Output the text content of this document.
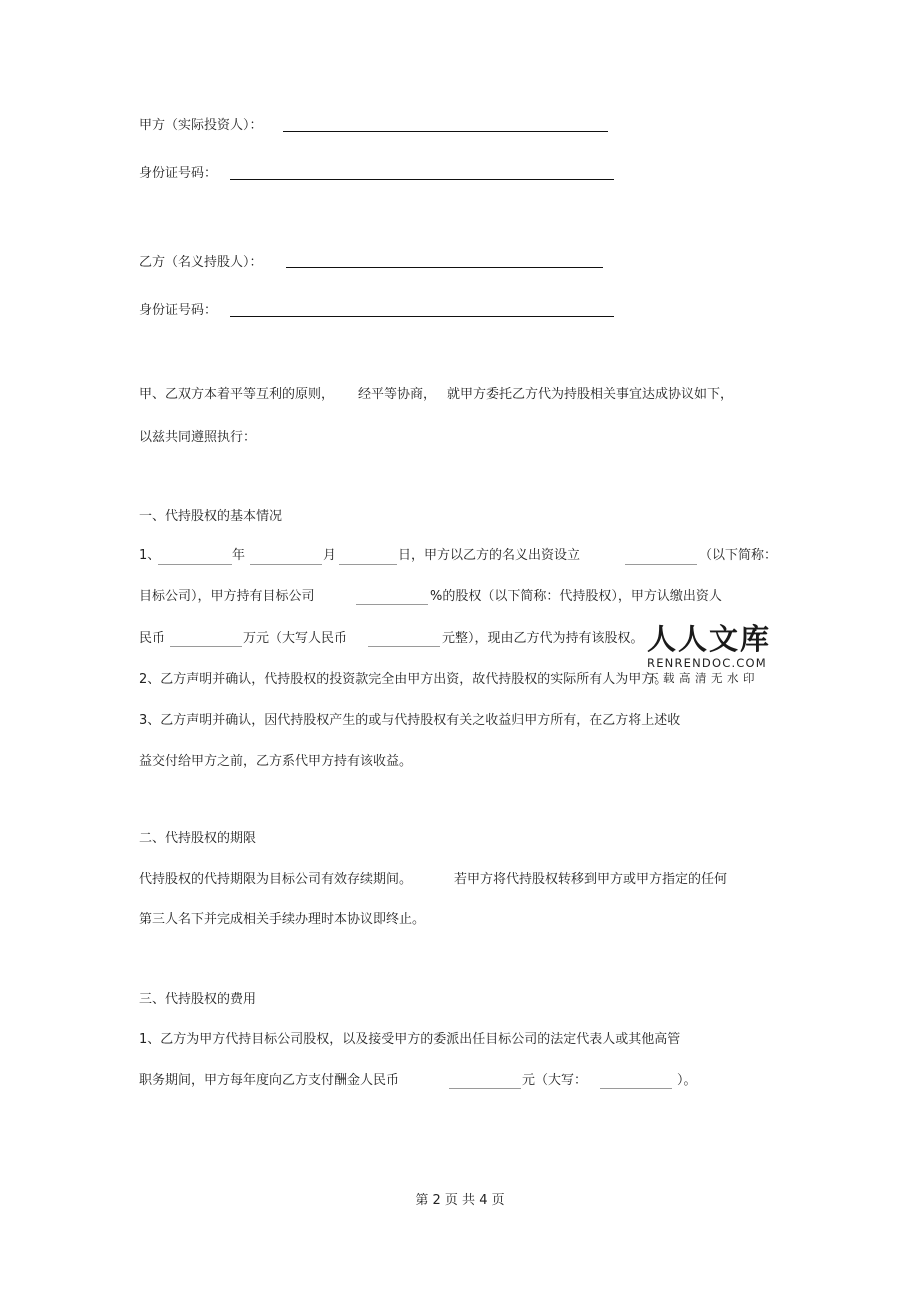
甲方（实际投资人）：
身份证号码：
乙方（名义持股人）：
身份证号码：
甲、乙双方本着平等互利的原则， 经平等协商， 就甲方委托乙方代为持股相关事宜达成协议如下，
以兹共同遵照执行：
一、代持股权的基本情况
1、	年	月	日，甲方以乙方的名义出资设立	（以下简称：
目标公司），甲方持有目标公司	%的股权（以下简称：代持股权），甲方认缴出资人
民币	万元（大写人民币	元整），现由乙方代为持有该股权。
2、乙方声明并确认，代持股权的投资款完全由甲方出资，故代持股权的实际所有人为甲方。
3、乙方声明并确认，因代持股权产生的或与代持股权有关之收益归甲方所有，在乙方将上述收
益交付给甲方之前，乙方系代甲方持有该收益。
人人文库
RENRENDOC.COM
下载高清无水印
二、代持股权的期限
代持股权的代持期限为目标公司有效存续期间。	若甲方将代持股权转移到甲方或甲方指定的任何
第三人名下并完成相关手续办理时本协议即终止。
三、代持股权的费用
1、乙方为甲方代持目标公司股权，以及接受甲方的委派出任目标公司的法定代表人或其他高管
职务期间，甲方每年度向乙方支付酬金人民币	元（大写：	）。
第 2 页 共 4 页
